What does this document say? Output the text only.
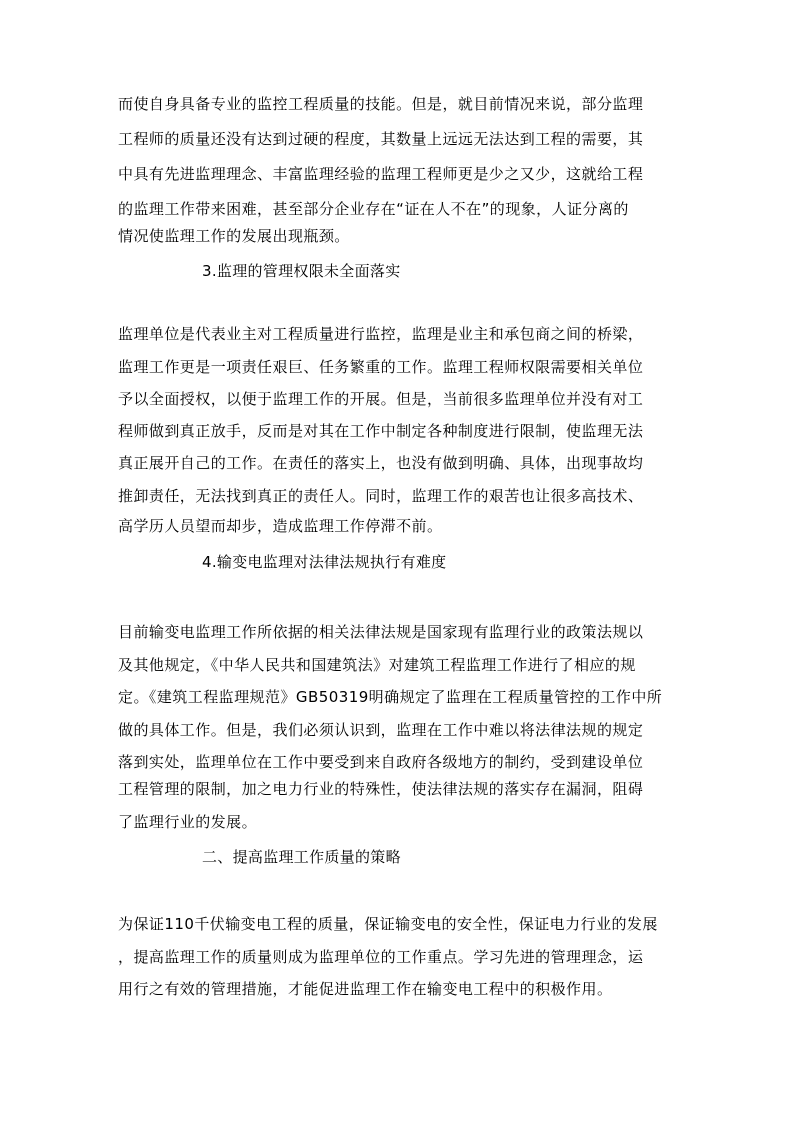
而使自身具备专业的监控工程质量的技能。但是，就目前情况来说，部分监理
工程师的质量还没有达到过硬的程度，其数量上远远无法达到工程的需要，其
中具有先进监理理念、丰富监理经验的监理工程师更是少之又少，这就给工程
的监理工作带来困难，甚至部分企业存在“证在人不在”的现象，人证分离的
情况使监理工作的发展出现瓶颈。
3.监理的管理权限未全面落实
监理单位是代表业主对工程质量进行监控，监理是业主和承包商之间的桥梁，
监理工作更是一项责任艰巨、任务繁重的工作。监理工程师权限需要相关单位
予以全面授权，以便于监理工作的开展。但是，当前很多监理单位并没有对工
程师做到真正放手，反而是对其在工作中制定各种制度进行限制，使监理无法
真正展开自己的工作。在责任的落实上，也没有做到明确、具体，出现事故均
推卸责任，无法找到真正的责任人。同时，监理工作的艰苦也让很多高技术、
高学历人员望而却步，造成监理工作停滞不前。
4.输变电监理对法律法规执行有难度
目前输变电监理工作所依据的相关法律法规是国家现有监理行业的政策法规以
及其他规定，《中华人民共和国建筑法》对建筑工程监理工作进行了相应的规
定。《建筑工程监理规范》GB50319明确规定了监理在工程质量管控的工作中所
做的具体工作。但是，我们必须认识到，监理在工作中难以将法律法规的规定
落到实处，监理单位在工作中要受到来自政府各级地方的制约，受到建设单位
工程管理的限制，加之电力行业的特殊性，使法律法规的落实存在漏洞，阻碍
了监理行业的发展。
二、提高监理工作质量的策略
为保证110千伏输变电工程的质量，保证输变电的安全性，保证电力行业的发展
，提高监理工作的质量则成为监理单位的工作重点。学习先进的管理理念，运
用行之有效的管理措施，才能促进监理工作在输变电工程中的积极作用。
